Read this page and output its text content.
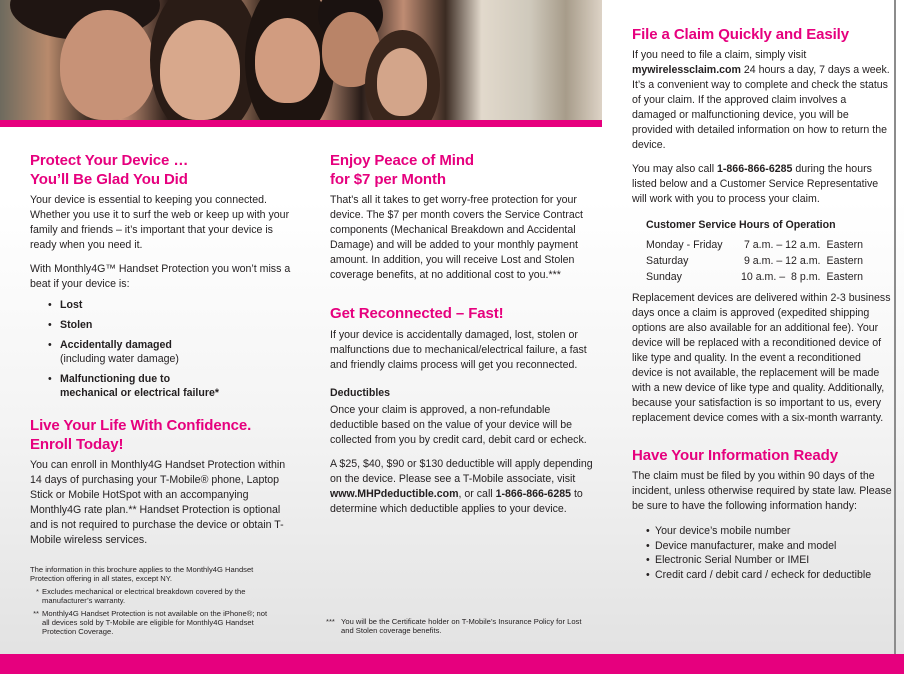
Protect Your Device …
You’ll Be Glad You Did

Your device is essential to keeping you connected. Whether you use it to surf the web or keep up with your family and friends – it’s important that your device is ready when you need it.

With Monthly4G™ Handset Protection you won’t miss a beat if your device is:

• Lost
• Stolen
• Accidentally damaged
(including water damage)
• Malfunctioning due to mechanical or electrical failure*
Live Your Life With Confidence.
Enroll Today!

You can enroll in Monthly4G Handset Protection within 14 days of purchasing your T-Mobile® phone, Laptop Stick or Mobile HotSpot with an accompanying Monthly4G rate plan.** Handset Protection is optional and is not required to purchase the device or obtain T-Mobile wireless services.

The information in this brochure applies to the Monthly4G Handset Protection offering in all states, except NY.
* Excludes mechanical or electrical breakdown covered by the manufacturer’s warranty.
** Monthly4G Handset Protection is not available on the iPhone®; not all devices sold by T-Mobile are eligible for Monthly4G Handset Protection Coverage.
Enjoy Peace of Mind
for $7 per Month

That's all it takes to get worry-free protection for your device. The $7 per month covers the Service Contract components (Mechanical Breakdown and Accidental Damage) and will be added to your monthly payment amount. In addition, you will receive Lost and Stolen coverage benefits, at no additional cost to you.***

Get Reconnected – Fast!

If your device is accidentally damaged, lost, stolen or malfunctions due to mechanical/electrical failure, a fast and friendly claims process will get you reconnected.

Deductibles

Once your claim is approved, a non-refundable deductible based on the value of your device will be collected from you by credit card, debit card or echeck.

A $25, $40, $90 or $130 deductible will apply depending on the device. Please see a T-Mobile associate, visit www.MHPdeductible.com, or call 1-866-866-6285 to determine which deductible applies to your device.

*** You will be the Certificate holder on T-Mobile’s Insurance Policy for Lost and Stolen coverage benefits.
File a Claim Quickly and Easily

If you need to file a claim, simply visit mywirelessclaim.com 24 hours a day, 7 days a week. It’s a convenient way to complete and check the status of your claim. If the approved claim involves a damaged or malfunctioning device, you will be provided with detailed information on how to return the device.

You may also call 1-866-866-6285 during the hours listed below and a Customer Service Representative will work with you to process your claim.

Customer Service Hours of Operation
Monday - Friday	7 a.m. – 12 a.m.	Eastern
Saturday	9 a.m. – 12 a.m.	Eastern
Sunday	10 a.m. –  8 p.m.	Eastern

Replacement devices are delivered within 2-3 business days once a claim is approved (expedited shipping options are also available for an additional fee). Your device will be replaced with a reconditioned device of like type and quality. In the event a reconditioned device is not available, the replacement will be made with a new device of like type and quality. Additionally, because your satisfaction is so important to us, every replacement device comes with a six-month warranty.

Have Your Information Ready

The claim must be filed by you within 90 days of the incident, unless otherwise required by state law. Please be sure to have the following information handy:

• Your device’s mobile number
• Device manufacturer, make and model
• Electronic Serial Number or IMEI
• Credit card / debit card / echeck for deductible
